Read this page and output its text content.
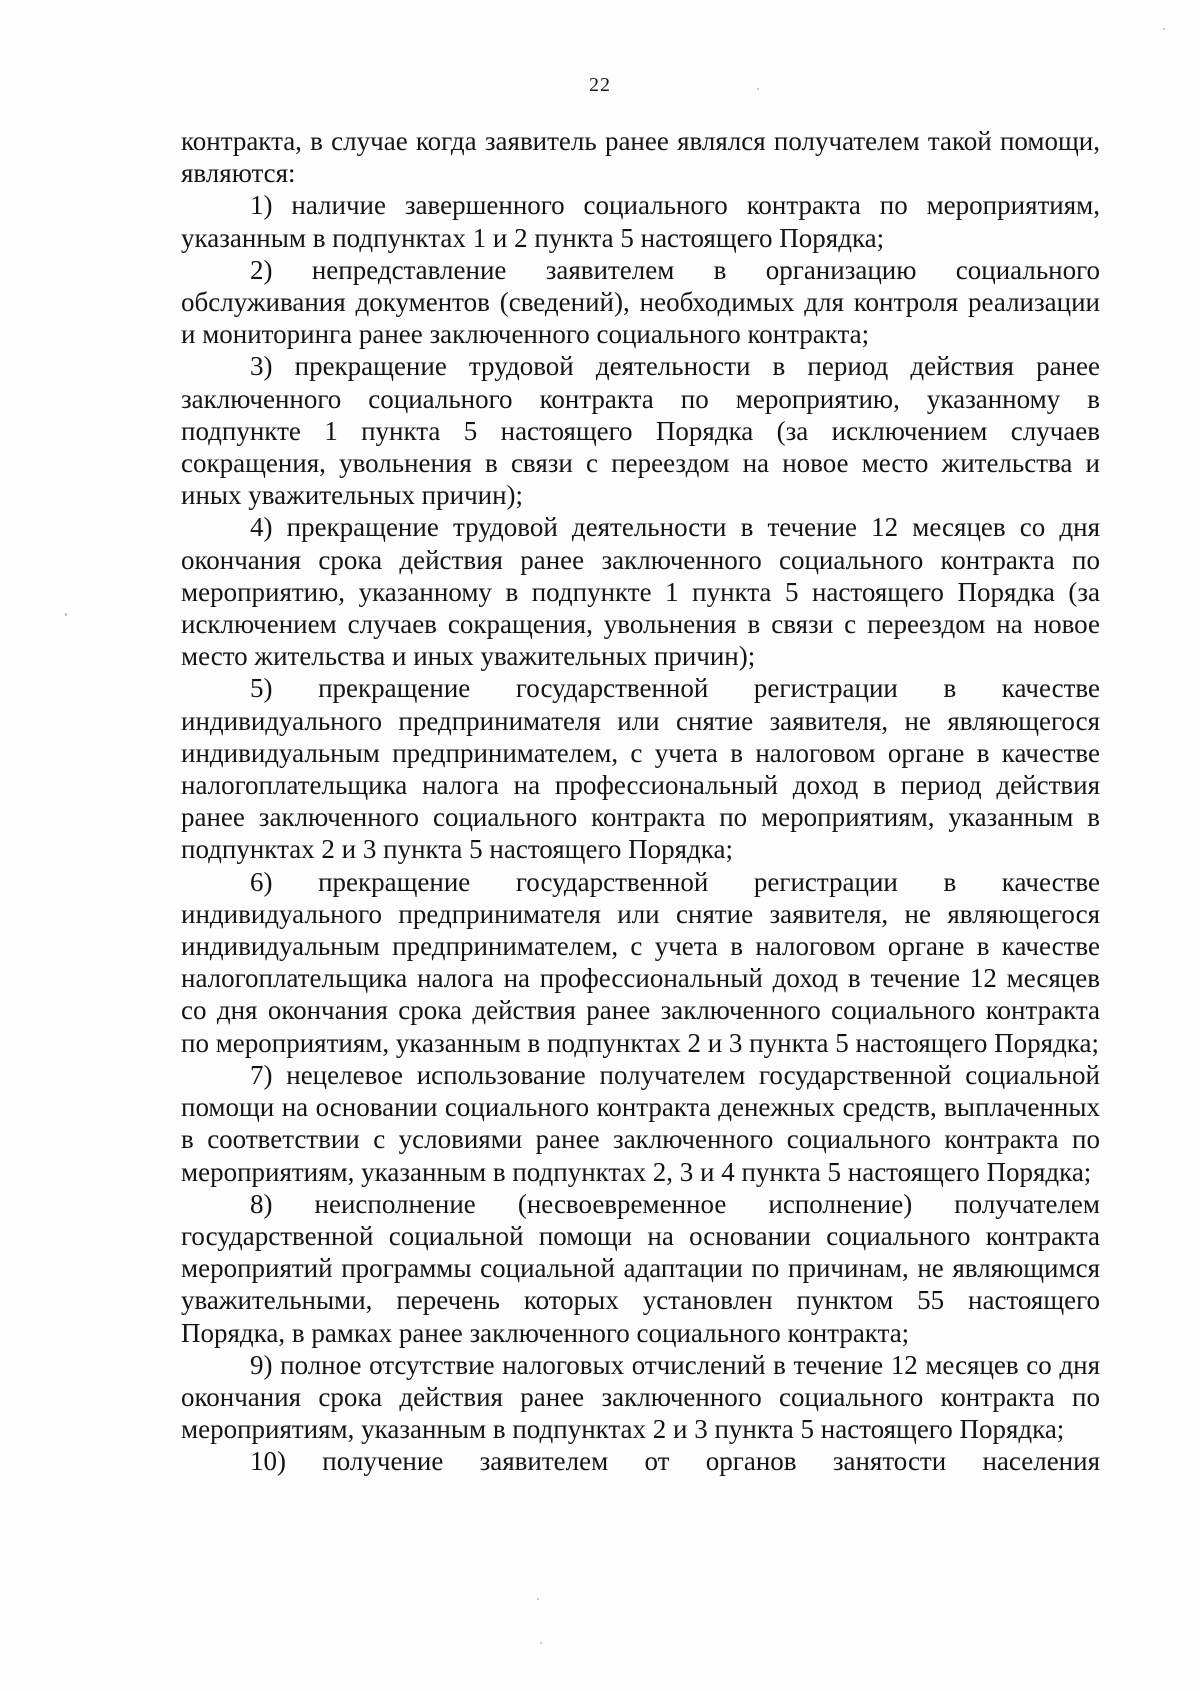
22

контракта, в случае когда заявитель ранее являлся получателем такой помощи, являются:

1) наличие завершенного социального контракта по мероприятиям, указанным в подпунктах 1 и 2 пункта 5 настоящего Порядка;

2) непредставление заявителем в организацию социального обслуживания документов (сведений), необходимых для контроля реализации и мониторинга ранее заключенного социального контракта;

3) прекращение трудовой деятельности в период действия ранее заключенного социального контракта по мероприятию, указанному в подпункте 1 пункта 5 настоящего Порядка (за исключением случаев сокращения, увольнения в связи с переездом на новое место жительства и иных уважительных причин);

4) прекращение трудовой деятельности в течение 12 месяцев со дня окончания срока действия ранее заключенного социального контракта по мероприятию, указанному в подпункте 1 пункта 5 настоящего Порядка (за исключением случаев сокращения, увольнения в связи с переездом на новое место жительства и иных уважительных причин);

5) прекращение государственной регистрации в качестве индивидуального предпринимателя или снятие заявителя, не являющегося индивидуальным предпринимателем, с учета в налоговом органе в качестве налогоплательщика налога на профессиональный доход в период действия ранее заключенного социального контракта по мероприятиям, указанным в подпунктах 2 и 3 пункта 5 настоящего Порядка;

6) прекращение государственной регистрации в качестве индивидуального предпринимателя или снятие заявителя, не являющегося индивидуальным предпринимателем, с учета в налоговом органе в качестве налогоплательщика налога на профессиональный доход в течение 12 месяцев со дня окончания срока действия ранее заключенного социального контракта по мероприятиям, указанным в подпунктах 2 и 3 пункта 5 настоящего Порядка;

7) нецелевое использование получателем государственной социальной помощи на основании социального контракта денежных средств, выплаченных в соответствии с условиями ранее заключенного социального контракта по мероприятиям, указанным в подпунктах 2, 3 и 4 пункта 5 настоящего Порядка;

8) неисполнение (несвоевременное исполнение) получателем государственной социальной помощи на основании социального контракта мероприятий программы социальной адаптации по причинам, не являющимся уважительными, перечень которых установлен пунктом 55 настоящего Порядка, в рамках ранее заключенного социального контракта;

9) полное отсутствие налоговых отчислений в течение 12 месяцев со дня окончания срока действия ранее заключенного социального контракта по мероприятиям, указанным в подпунктах 2 и 3 пункта 5 настоящего Порядка;

10) получение заявителем от органов занятости населения
